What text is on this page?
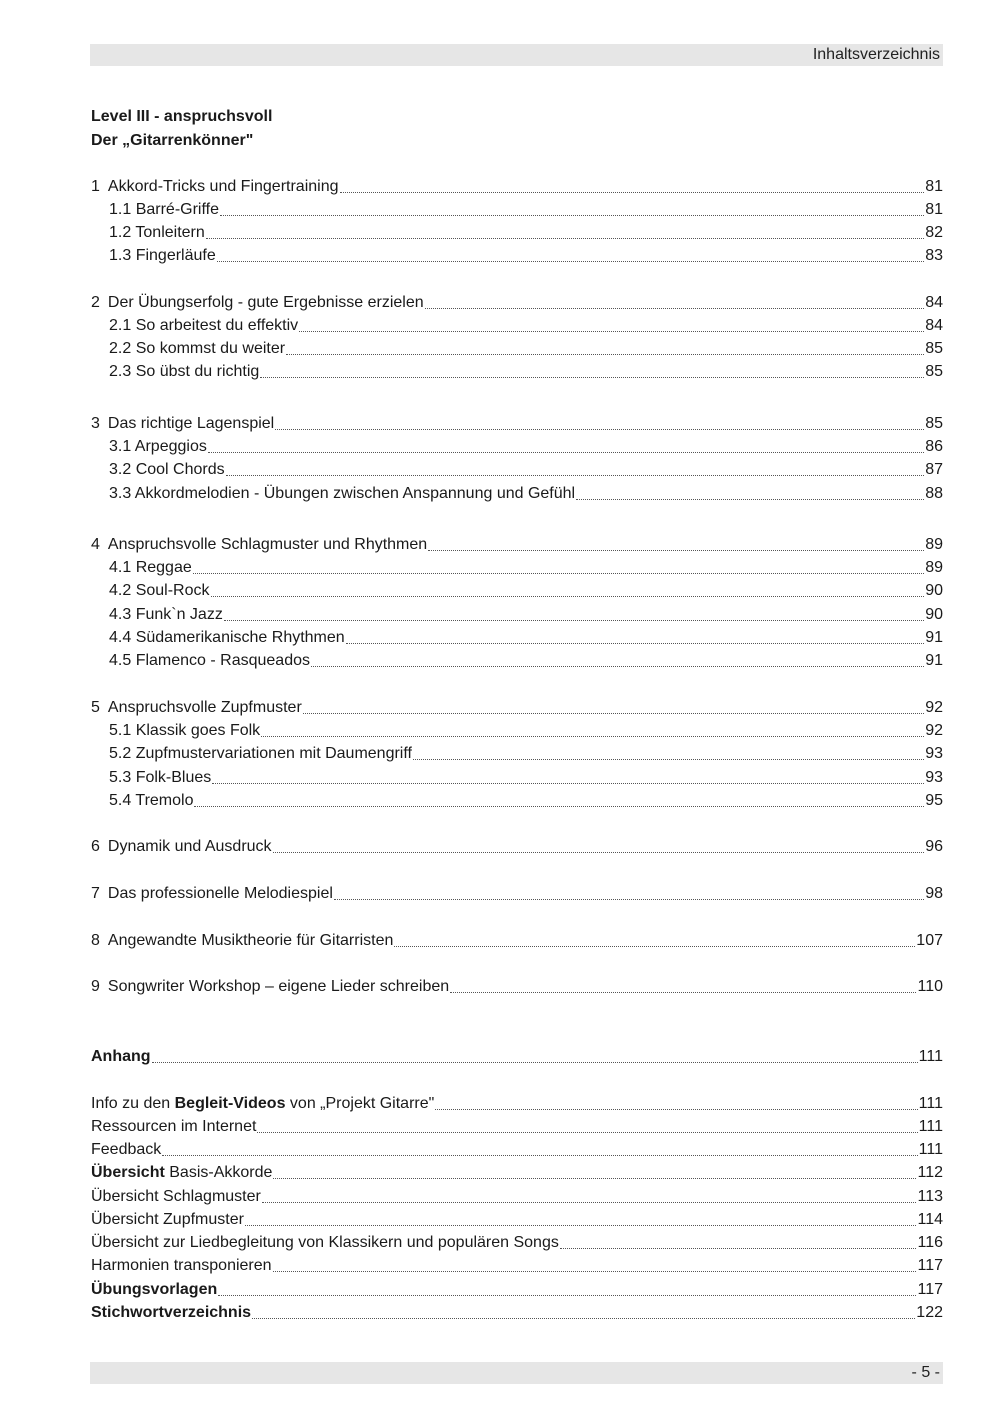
Inhaltsverzeichnis
Level III - anspruchsvoll
Der „Gitarrenkönner"
1 Akkord-Tricks und Fingertraining	81
1.1 Barré-Griffe	81
1.2 Tonleitern	82
1.3 Fingerläufe	83
2 Der Übungserfolg - gute Ergebnisse erzielen	84
2.1 So arbeitest du effektiv	84
2.2 So kommst du weiter	85
2.3 So übst du richtig	85
3 Das richtige Lagenspiel	85
3.1 Arpeggios	86
3.2 Cool Chords	87
3.3 Akkordmelodien - Übungen zwischen Anspannung und Gefühl	88
4 Anspruchsvolle Schlagmuster und Rhythmen	89
4.1 Reggae	89
4.2 Soul-Rock	90
4.3 Funk`n Jazz	90
4.4 Südamerikanische Rhythmen	91
4.5 Flamenco - Rasqueados	91
5 Anspruchsvolle Zupfmuster	92
5.1 Klassik goes Folk	92
5.2 Zupfmustervariationen mit Daumengriff	93
5.3 Folk-Blues	93
5.4 Tremolo	95
6 Dynamik und Ausdruck	96
7 Das professionelle Melodiespiel	98
8 Angewandte Musiktheorie für Gitarristen	107
9 Songwriter Workshop – eigene Lieder schreiben	110
Anhang	111
Info zu den Begleit-Videos von „Projekt Gitarre"	111
Ressourcen im Internet	111
Feedback	111
Übersicht Basis-Akkorde	112
Übersicht Schlagmuster	113
Übersicht Zupfmuster	114
Übersicht zur Liedbegleitung von Klassikern und populären Songs	116
Harmonien transponieren	117
Übungsvorlagen	117
Stichwortverzeichnis	122
- 5 -
